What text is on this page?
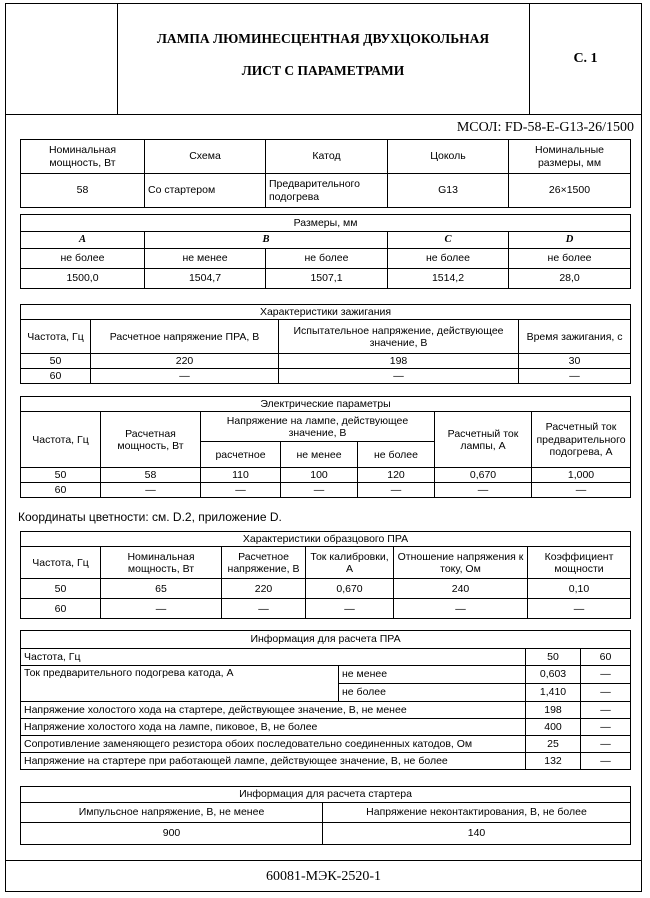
ЛАМПА ЛЮМИНЕСЦЕНТНАЯ ДВУХЦОКОЛЬНАЯ
ЛИСТ С ПАРАМЕТРАМИ
С. 1
МСОЛ: FD-58-E-G13-26/1500
Номинальная мощность, Вт	Схема	Катод	Цоколь	Номинальные размеры, мм
58	Со стартером	Предварительного подогрева	G13	26×1500
Размеры, мм				
A	B		C	D
не более	не менее	не более	не более	не более
1500,0	1504,7	1507,1	1514,2	28,0
Характеристики зажигания			
Частота, Гц	Расчетное напряжение ПРА, В	Испытательное напряжение, действующее значение, В	Время зажигания, с
50	220	198	30
60	—	—	—
Электрические параметры						
Частота, Гц	Расчетная мощность, Вт	Напряжение на лампе, действующее значение, В			Расчетный ток лампы, А	Расчетный ток предварительного подогрева, А
		расчетное	не менее	не более		
50	58	110	100	120	0,670	1,000
60	—	—	—	—	—	—
Координаты цветности: см. D.2, приложение D.
Характеристики образцового ПРА					
Частота, Гц	Номинальная мощность, Вт	Расчетное напряжение, В	Ток калибровки, А	Отношение напряжения к току, Ом	Коэффициент мощности
50	65	220	0,670	240	0,10
60	—	—	—	—	—
Информация для расчета ПРА			
Частота, Гц		50	60
Ток предварительного подогрева катода, А	не менее	0,603	—
	не более	1,410	—
Напряжение холостого хода на стартере, действующее значение, В, не менее		198	—
Напряжение холостого хода на лампе, пиковое, В, не более		400	—
Сопротивление заменяющего резистора обоих последовательно соединенных катодов, Ом		25	—
Напряжение на стартере при работающей лампе, действующее значение, В, не более		132	—
Информация для расчета стартера	
Импульсное напряжение, В, не менее	Напряжение неконтактирования, В, не более
900	140
60081-МЭК-2520-1
